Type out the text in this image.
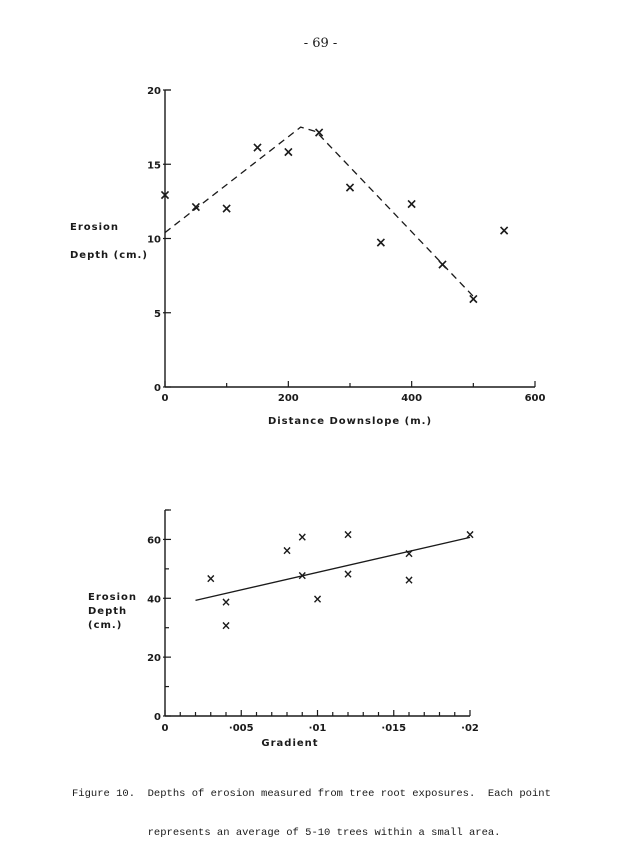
- 69 -
0
5
10
15
20
0	200	400	600
Distance Downslope (m.)
Erosion
Depth (cm.)
×
× ×
× ×
×
×
×
×
×
×
×
0
20
40
60
0	·005	·01	·015	·02
Gradient
Erosion
Depth
(cm.)
×
×
×
×
×
×
×
×
×
×
×
×

Figure 10.  Depths of erosion measured from tree root exposures.  Each point

represents an average of 5-10 trees within a small area.
